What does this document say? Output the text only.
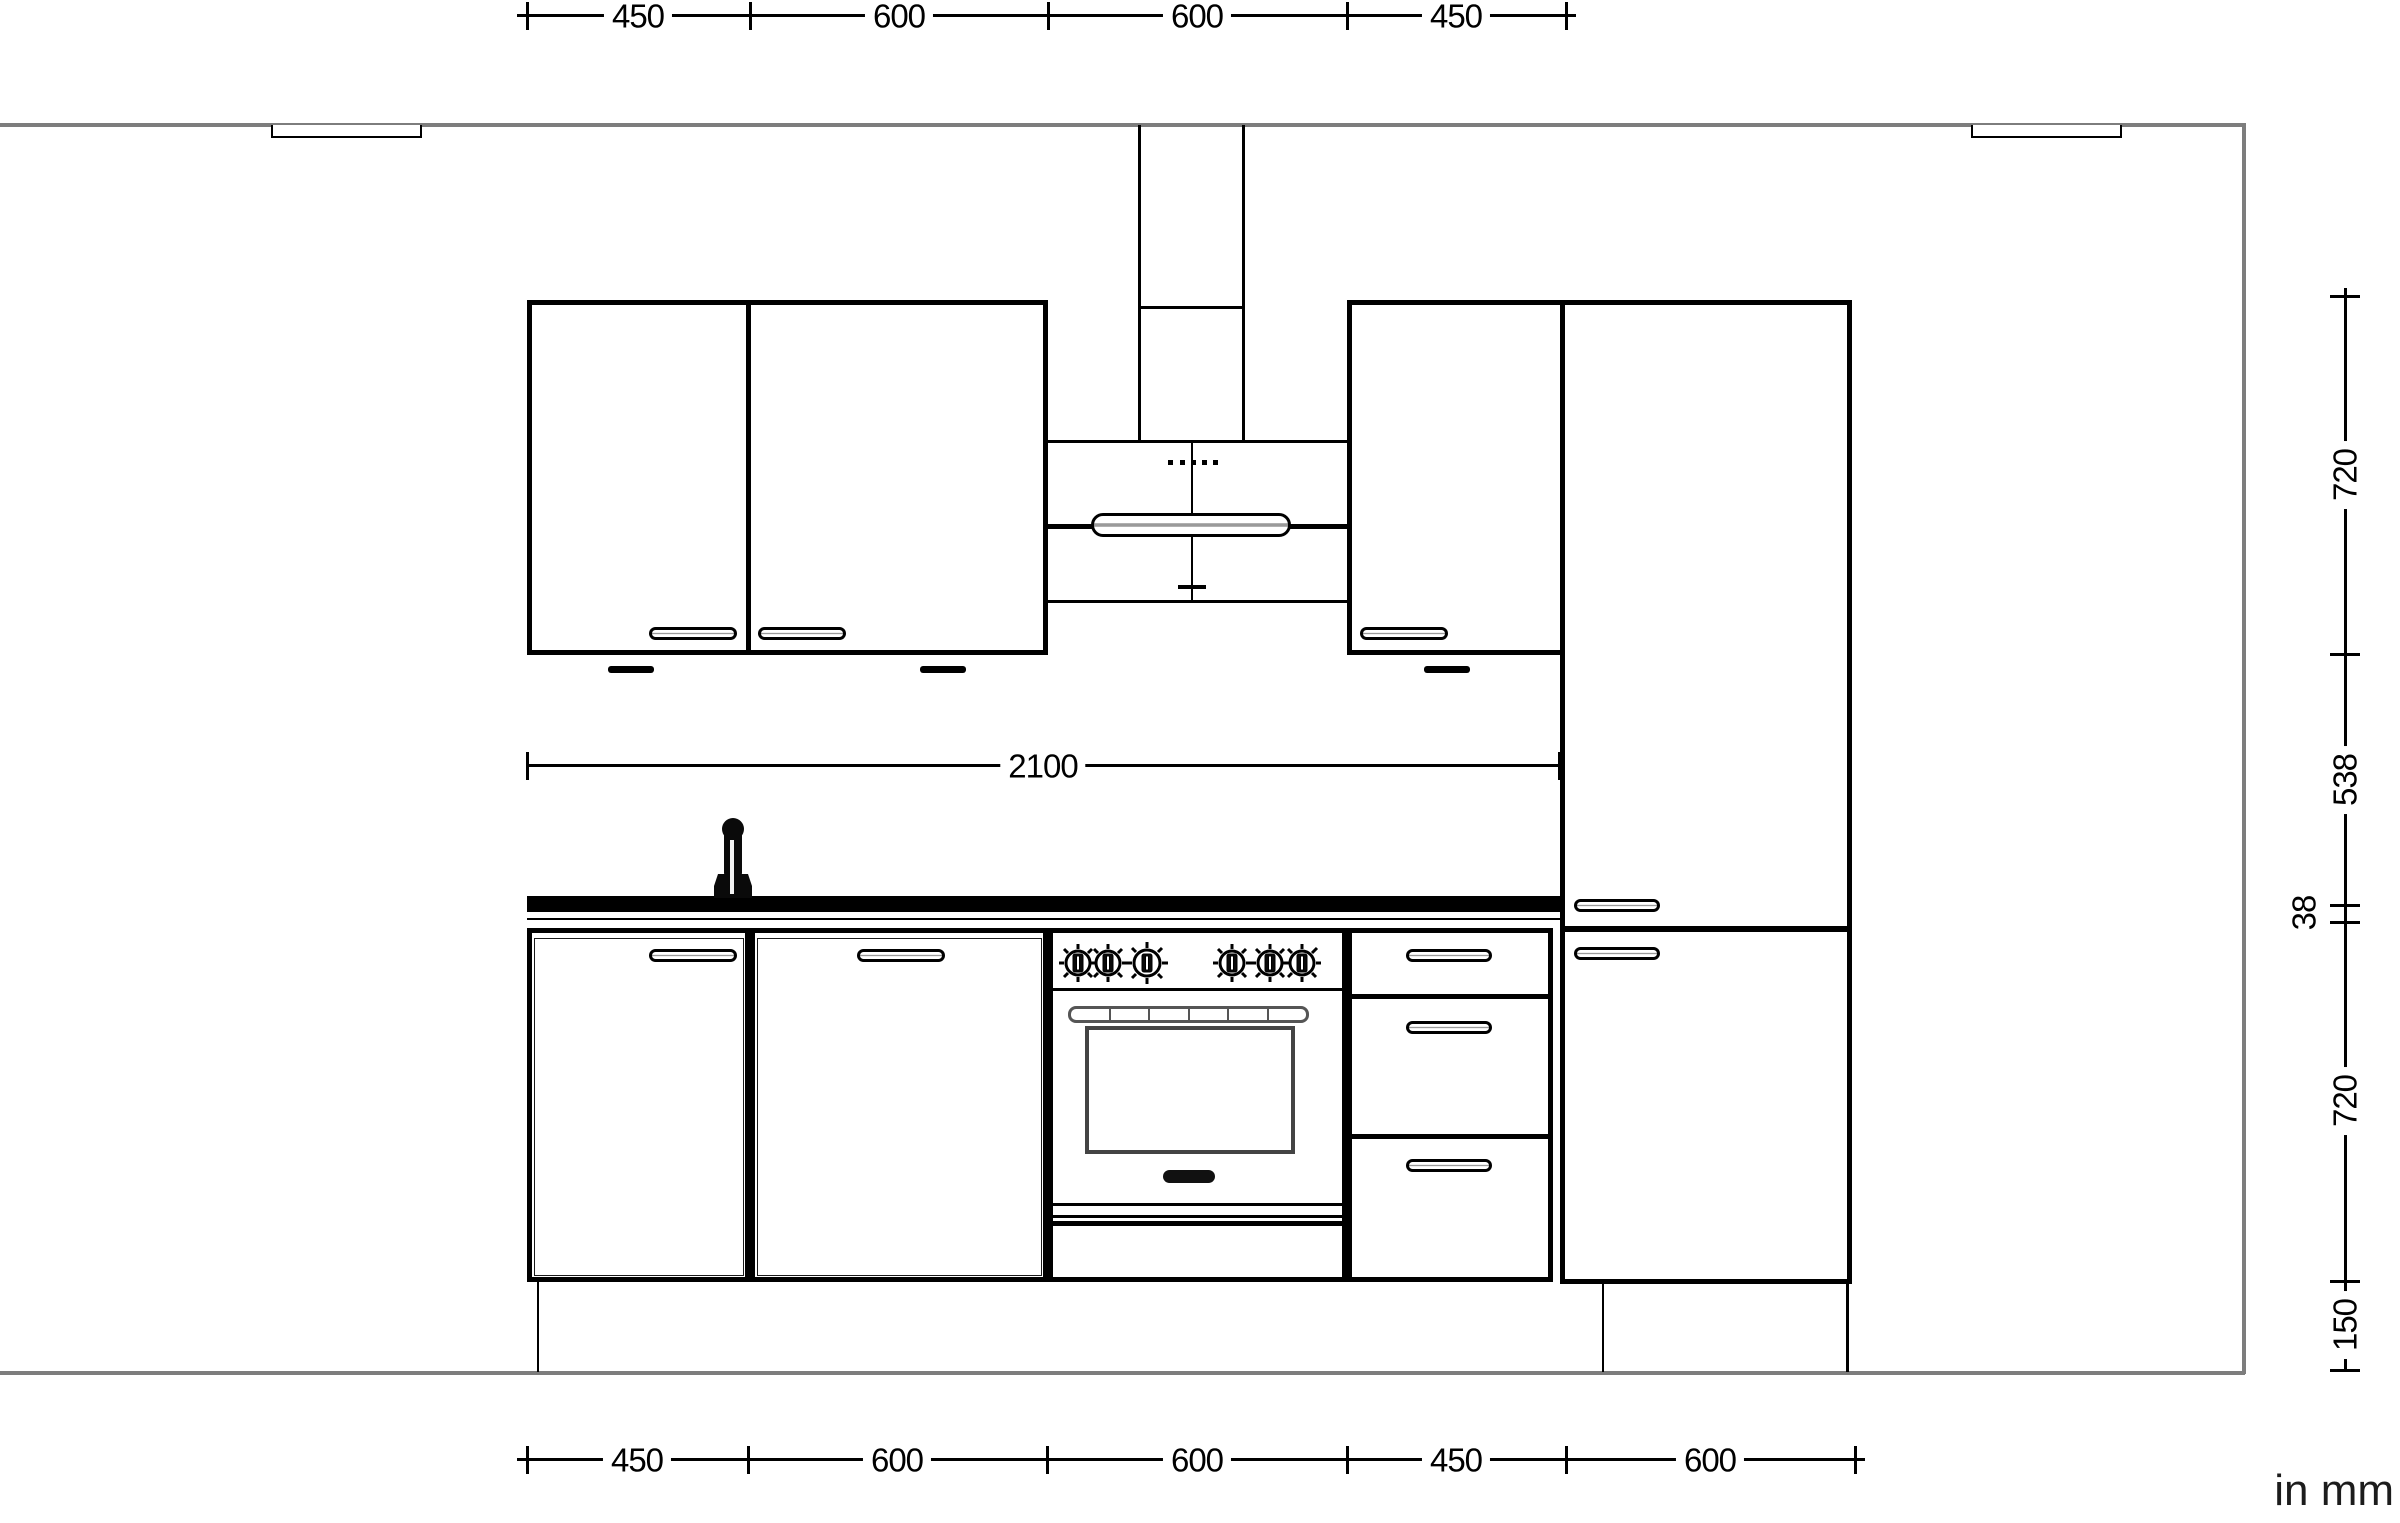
450	600	600	450
2100
720
538
38
720
150
450	600	600	450	600
in mm
